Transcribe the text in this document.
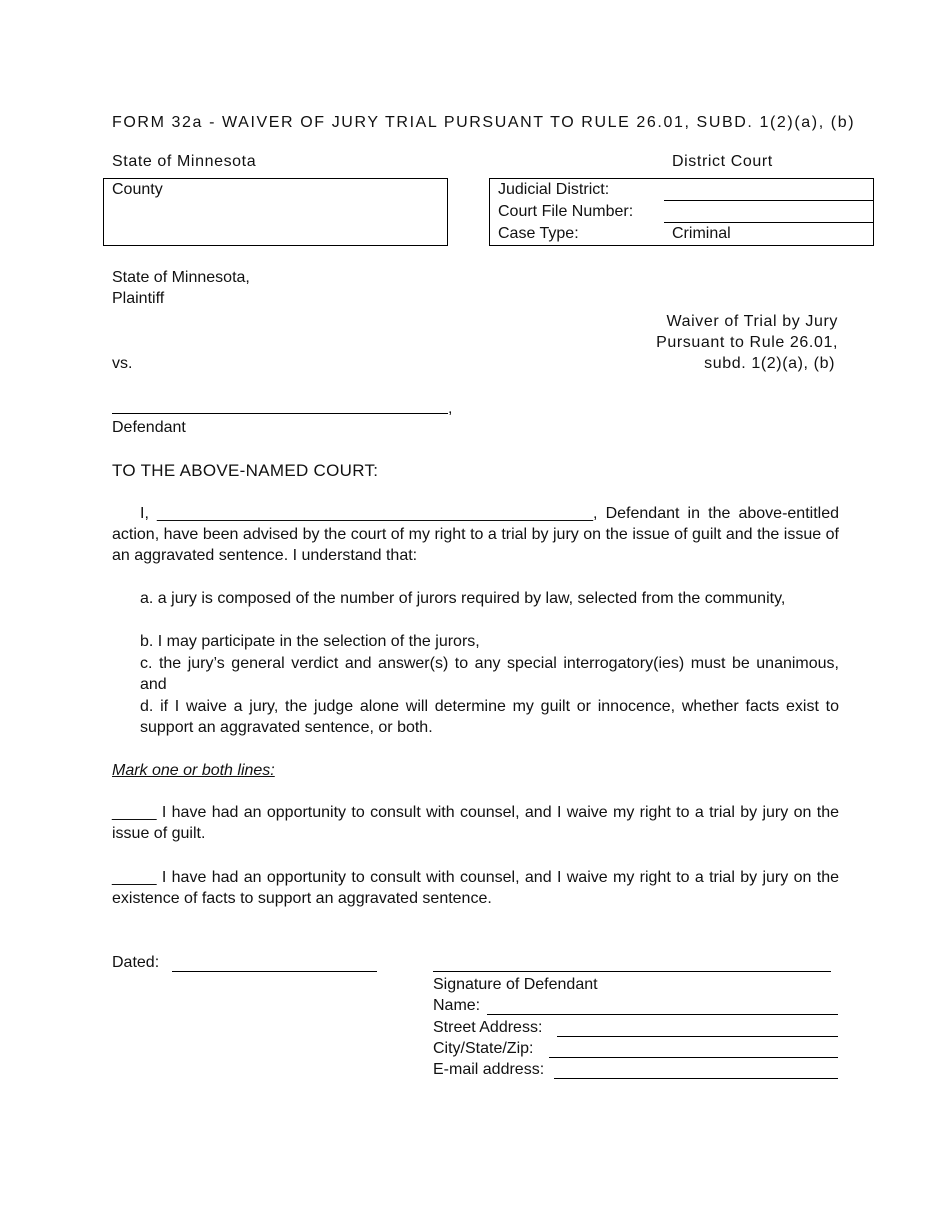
FORM 32a - WAIVER OF JURY TRIAL PURSUANT TO RULE 26.01, SUBD. 1(2)(a), (b)
State of Minnesota	District Court
County	Judicial District:
Court File Number:
Case Type:	Criminal
State of Minnesota,
Plaintiff
Waiver of Trial by Jury
Pursuant to Rule 26.01,
subd. 1(2)(a), (b)
vs.
,
Defendant
TO THE ABOVE-NAMED COURT:
I, _________________________________________________, Defendant in the above-entitled action, have been advised by the court of my right to a trial by jury on the issue of guilt and the issue of an aggravated sentence. I understand that:
a. a jury is composed of the number of jurors required by law, selected from the community,
b. I may participate in the selection of the jurors,
c. the jury’s general verdict and answer(s) to any special interrogatory(ies) must be unanimous, and
d. if I waive a jury, the judge alone will determine my guilt or innocence, whether facts exist to support an aggravated sentence, or both.
Mark one or both lines:
_____ I have had an opportunity to consult with counsel, and I waive my right to a trial by jury on the issue of guilt.
_____ I have had an opportunity to consult with counsel, and I waive my right to a trial by jury on the existence of facts to support an aggravated sentence.
Dated:
Signature of Defendant
Name:
Street Address:
City/State/Zip:
E-mail address:
